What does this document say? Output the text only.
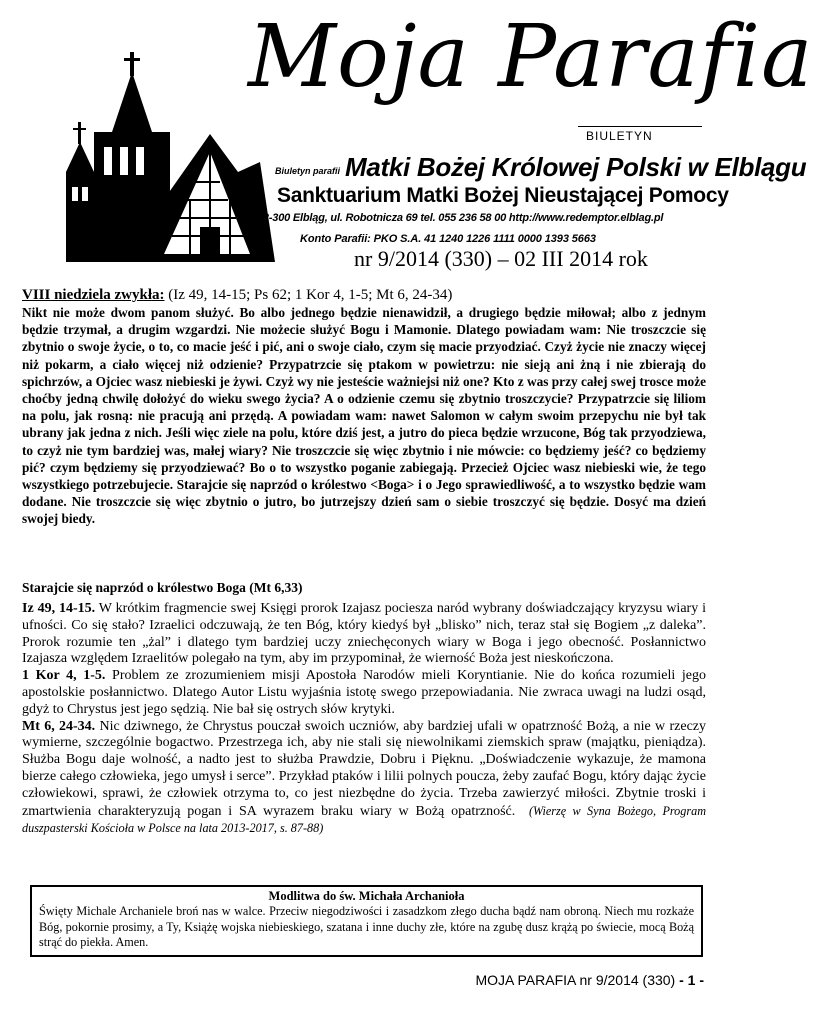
Moja Parafia
BIULETYN
Biuletyn parafii Matki Bożej Królowej Polski w Elblągu
Sanktuarium Matki Bożej Nieustającej Pomocy
82-300 Elbląg, ul. Robotnicza 69 tel. 055 236 58 00 http://www.redemptor.elblag.pl
Konto Parafii: PKO S.A. 41 1240 1226 1111 0000 1393 5663
nr 9/2014 (330) – 02 III 2014 rok
VIII niedziela zwykła: (Iz 49, 14-15; Ps 62; 1 Kor 4, 1-5; Mt 6, 24-34)
Nikt nie może dwom panom służyć. Bo albo jednego będzie nienawidził, a drugiego będzie miłował; albo z jednym będzie trzymał, a drugim wzgardzi. Nie możecie służyć Bogu i Mamonie. Dlatego powiadam wam: Nie troszczcie się zbytnio o swoje życie, o to, co macie jeść i pić, ani o swoje ciało, czym się macie przyodziać. Czyż życie nie znaczy więcej niż pokarm, a ciało więcej niż odzienie? Przypatrzcie się ptakom w powietrzu: nie sieją ani żną i nie zbierają do spichrzów, a Ojciec wasz niebieski je żywi. Czyż wy nie jesteście ważniejsi niż one? Kto z was przy całej swej trosce może choćby jedną chwilę dołożyć do wieku swego życia? A o odzienie czemu się zbytnio troszczycie? Przypatrzcie się liliom na polu, jak rosną: nie pracują ani przędą. A powiadam wam: nawet Salomon w całym swoim przepychu nie był tak ubrany jak jedna z nich. Jeśli więc ziele na polu, które dziś jest, a jutro do pieca będzie wrzucone, Bóg tak przyodziewa, to czyż nie tym bardziej was, małej wiary? Nie troszczcie się więc zbytnio i nie mówcie: co będziemy jeść? co będziemy pić? czym będziemy się przyodziewać? Bo o to wszystko poganie zabiegają. Przecież Ojciec wasz niebieski wie, że tego wszystkiego potrzebujecie. Starajcie się naprzód o królestwo <Boga> i o Jego sprawiedliwość, a to wszystko będzie wam dodane. Nie troszczcie się więc zbytnio o jutro, bo jutrzejszy dzień sam o siebie troszczyć się będzie. Dosyć ma dzień swojej biedy.
Starajcie się naprzód o królestwo Boga (Mt 6,33)

Iz 49, 14-15. W krótkim fragmencie swej Księgi prorok Izajasz pociesza naród wybrany doświadczający kryzysu wiary i ufności. Co się stało? Izraelici odczuwają, że ten Bóg, który kiedyś był „blisko” nich, teraz stał się Bogiem „z daleka”. Prorok rozumie ten „żal” i dlatego tym bardziej uczy zniechęconych wiary w Boga i jego obecność. Posłannictwo Izajasza względem Izraelitów polegało na tym, aby im przypominał, że wierność Boża jest nieskończona.

1 Kor 4, 1-5. Problem ze zrozumieniem misji Apostoła Narodów mieli Koryntianie. Nie do końca rozumieli jego apostolskie posłannictwo. Dlatego Autor Listu wyjaśnia istotę swego przepowiadania. Nie zwraca uwagi na ludzi osąd, gdyż to Chrystus jest jego sędzią. Nie bał się ostrych słów krytyki.

Mt 6, 24-34. Nic dziwnego, że Chrystus pouczał swoich uczniów, aby bardziej ufali w opatrzność Bożą, a nie w rzeczy wymierne, szczególnie bogactwo. Przestrzega ich, aby nie stali się niewolnikami ziemskich spraw (majątku, pieniądza). Służba Bogu daje wolność, a nadto jest to służba Prawdzie, Dobru i Pięknu. „Doświadczenie wykazuje, że mamona bierze całego człowieka, jego umysł i serce”. Przykład ptaków i lilii polnych poucza, żeby zaufać Bogu, który dając życie człowiekowi, sprawi, że człowiek otrzyma to, co jest niezbędne do życia. Trzeba zawierzyć miłości. Zbytnie troski i zmartwienia charakteryzują pogan i SA wyrazem braku wiary w Bożą opatrzność. (Wierzę w Syna Bożego, Program duszpasterski Kościoła w Polsce na lata 2013-2017, s. 87-88)

Modlitwa do św. Michała Archanioła
Święty Michale Archaniele broń nas w walce. Przeciw niegodziwości i zasadzkom złego ducha bądź nam obroną. Niech mu rozkaże Bóg, pokornie prosimy, a Ty, Książę wojska niebieskiego, szatana i inne duchy złe, które na zgubę dusz krążą po świecie, mocą Bożą strąć do piekła. Amen.
MOJA PARAFIA nr 9/2014 (330) - 1 -
